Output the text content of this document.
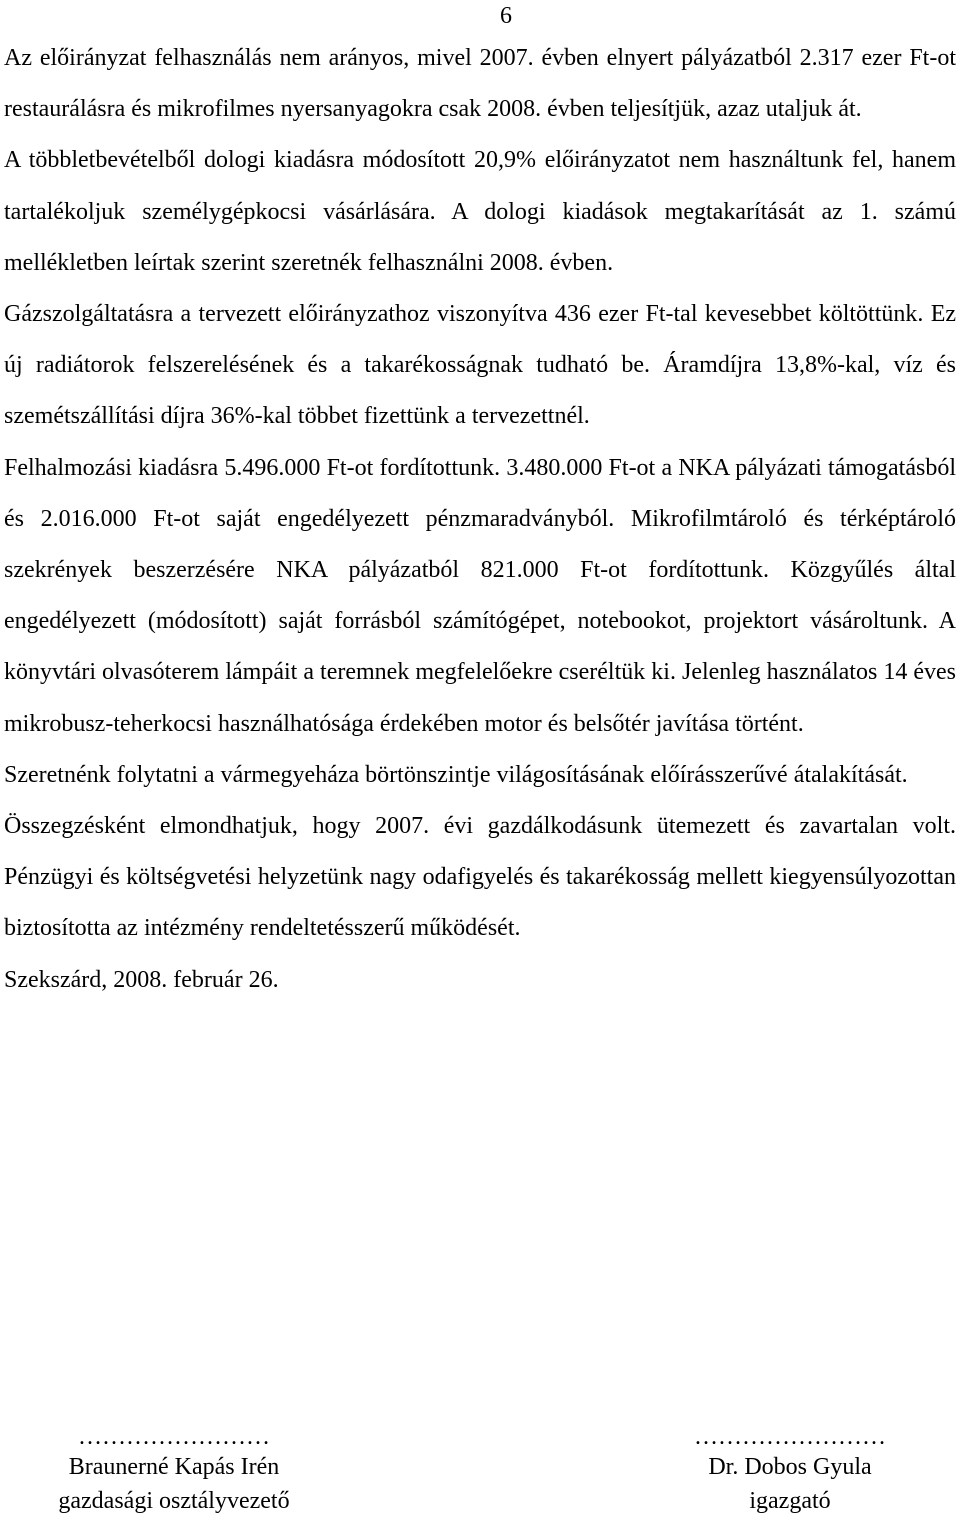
6

Az előirányzat felhasználás nem arányos, mivel 2007. évben elnyert pályázatból 2.317 ezer Ft-ot restaurálásra és mikrofilmes nyersanyagokra csak 2008. évben teljesítjük, azaz utaljuk át.

A többletbevételből dologi kiadásra módosított 20,9% előirányzatot nem használtunk fel, hanem tartalékoljuk személygépkocsi vásárlására. A dologi kiadások megtakarítását az 1. számú mellékletben leírtak szerint szeretnék felhasználni 2008. évben.

Gázszolgáltatásra a tervezett előirányzathoz viszonyítva 436 ezer Ft-tal kevesebbet költöttünk. Ez új radiátorok felszerelésének és a takarékosságnak tudható be. Áramdíjra 13,8%-kal, víz és szemétszállítási díjra 36%-kal többet fizettünk a tervezettnél.

Felhalmozási kiadásra 5.496.000 Ft-ot fordítottunk. 3.480.000 Ft-ot a NKA pályázati támogatásból és 2.016.000 Ft-ot saját engedélyezett pénzmaradványból. Mikrofilmtároló és térképtároló szekrények beszerzésére NKA pályázatból 821.000 Ft-ot fordítottunk. Közgyűlés által engedélyezett (módosított) saját forrásból számítógépet, notebookot, projektort vásároltunk. A könyvtári olvasóterem lámpáit a teremnek megfelelőekre cseréltük ki. Jelenleg használatos 14 éves mikrobusz-teherkocsi használhatósága érdekében motor és belsőtér javítása történt.

Szeretnénk folytatni a vármegyeháza börtönszintje világosításának előírásszerűvé átalakítását.

Összegzésként elmondhatjuk, hogy 2007. évi gazdálkodásunk ütemezett és zavartalan volt. Pénzügyi és költségvetési helyzetünk nagy odafigyelés és takarékosság mellett kiegyensúlyozottan biztosította az intézmény rendeltetésszerű működését.

Szekszárd, 2008. február 26.

……………………
Braunerné Kapás Irén
gazdasági osztályvezető
……………………
Dr. Dobos Gyula
igazgató
